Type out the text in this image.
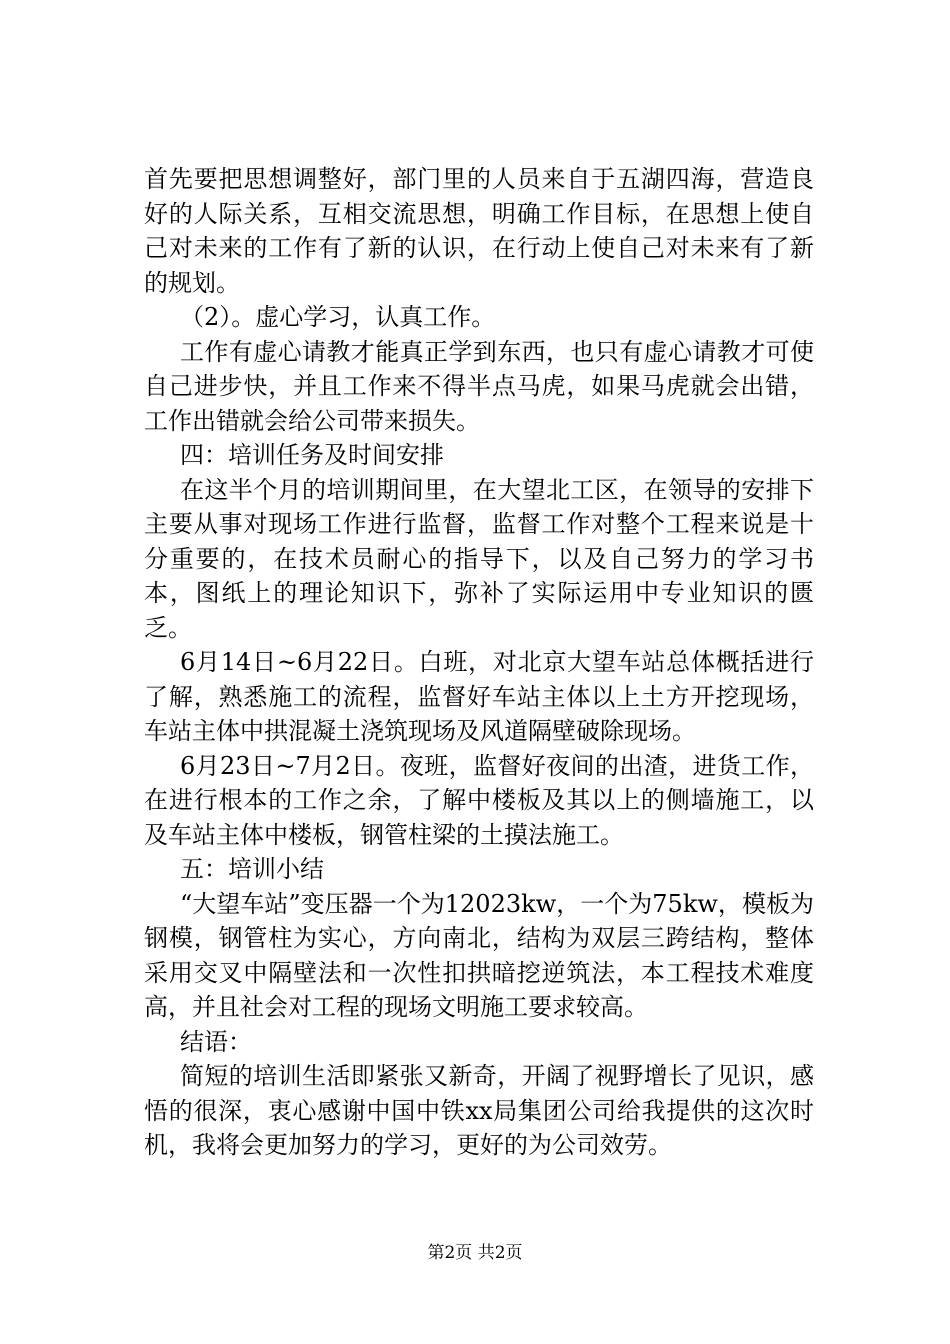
首先要把思想调整好，部门里的人员来自于五湖四海，营造良好的人际关系，互相交流思想，明确工作目标，在思想上使自己对未来的工作有了新的认识，在行动上使自己对未来有了新的规划。

（2）。虚心学习，认真工作。

工作有虚心请教才能真正学到东西，也只有虚心请教才可使自己进步快，并且工作来不得半点马虎，如果马虎就会出错，工作出错就会给公司带来损失。

四：培训任务及时间安排

在这半个月的培训期间里，在大望北工区，在领导的安排下主要从事对现场工作进行监督，监督工作对整个工程来说是十分重要的，在技术员耐心的指导下，以及自己努力的学习书本，图纸上的理论知识下，弥补了实际运用中专业知识的匮乏。

6月14日~6月22日。白班，对北京大望车站总体概括进行了解，熟悉施工的流程，监督好车站主体以上土方开挖现场，车站主体中拱混凝土浇筑现场及风道隔壁破除现场。

6月23日~7月2日。夜班，监督好夜间的出渣，进货工作，在进行根本的工作之余，了解中楼板及其以上的侧墙施工，以及车站主体中楼板，钢管柱梁的土摸法施工。

五：培训小结

“大望车站”变压器一个为12023kw，一个为75kw，模板为钢模，钢管柱为实心，方向南北，结构为双层三跨结构，整体采用交叉中隔壁法和一次性扣拱暗挖逆筑法，本工程技术难度高，并且社会对工程的现场文明施工要求较高。

结语：

简短的培训生活即紧张又新奇，开阔了视野增长了见识，感悟的很深，衷心感谢中国中铁xx局集团公司给我提供的这次时机，我将会更加努力的学习，更好的为公司效劳。

第2页 共2页
